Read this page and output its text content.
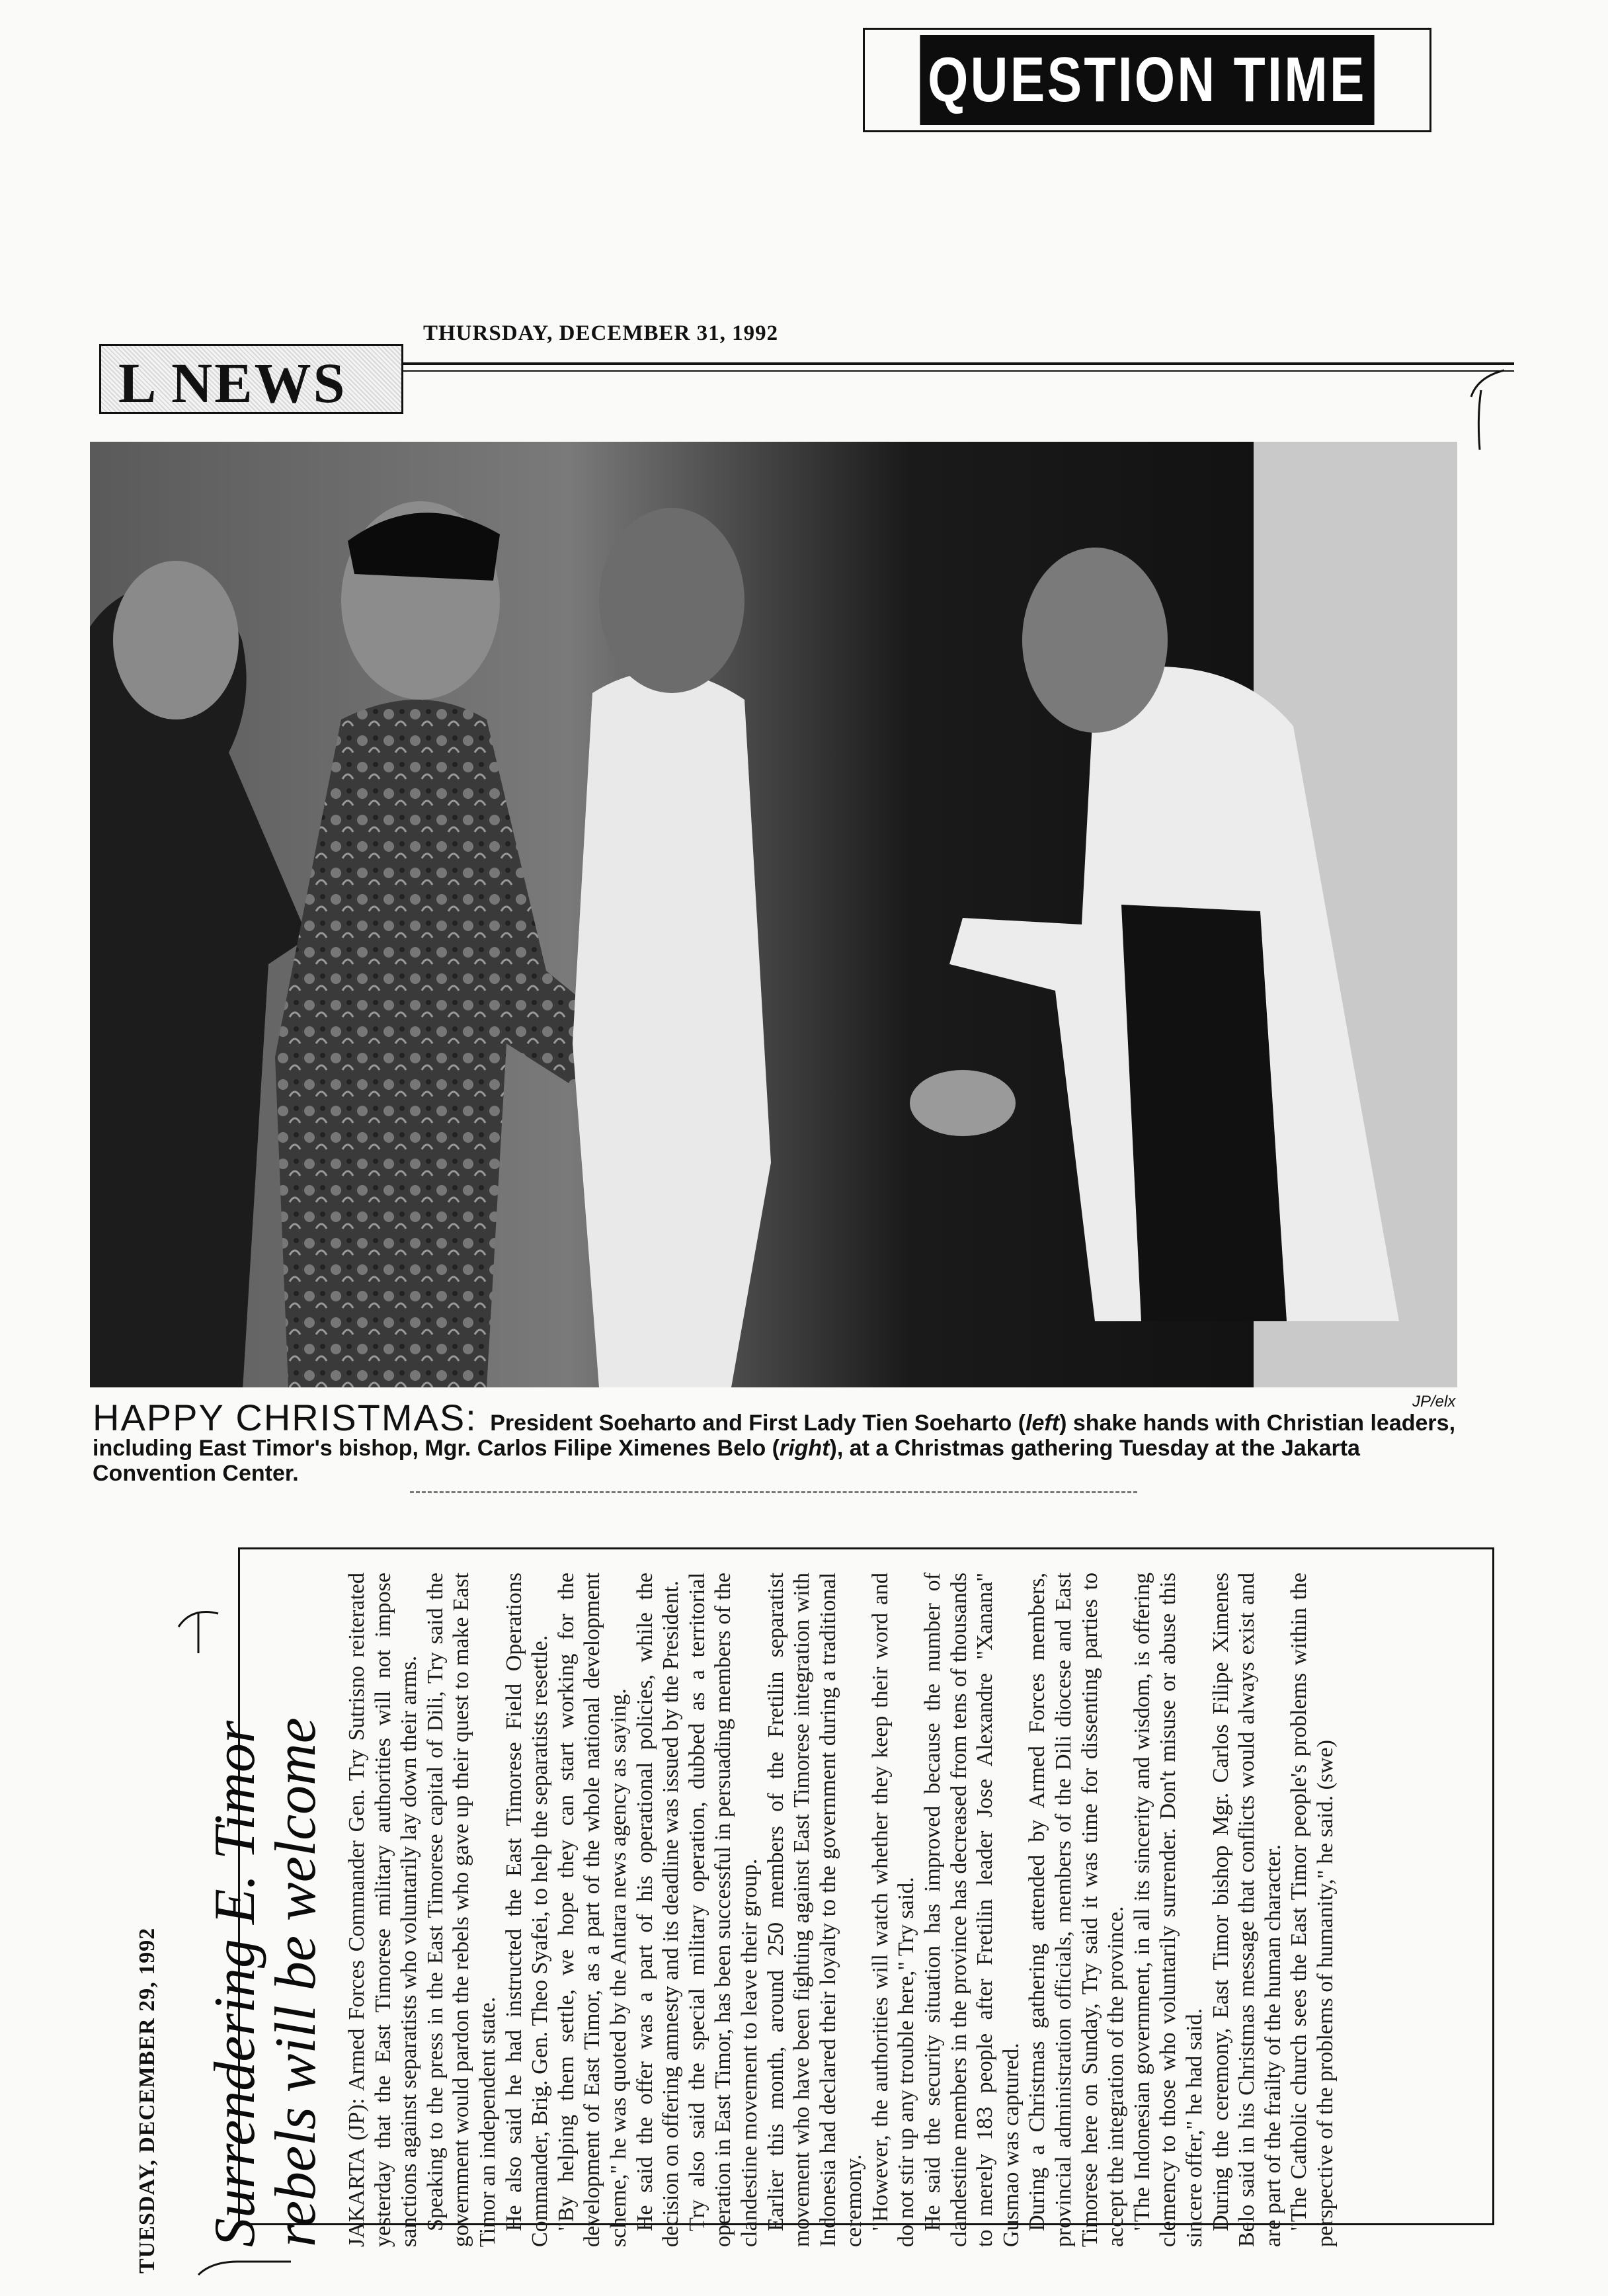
QUESTION TIME
THURSDAY, DECEMBER 31, 1992
L NEWS
JP/elx
HAPPY CHRISTMAS: President Soeharto and First Lady Tien Soeharto (left) shake hands with Christian leaders, including East Timor's bishop, Mgr. Carlos Filipe Ximenes Belo (right), at a Christmas gathering Tuesday at the Jakarta Convention Center.
TUESDAY, DECEMBER 29, 1992 Surrendering E. Timor
rebels will be welcome JAKARTA (JP): Armed Forces Commander Gen. Try Sutrisno reiterated yesterday that the East Timorese military authorities will not impose sanctions against separatists who voluntarily lay down their arms. Speaking to the press in the East Timorese capital of Dili, Try said the government would pardon the rebels who gave up their quest to make East Timor an independent state. He also said he had instructed the East Timorese Field Operations Commander, Brig. Gen. Theo Syafei, to help the separatists resettle. "By helping them settle, we hope they can start working for the development of East Timor, as a part of the whole national development scheme," he was quoted by the Antara news agency as saying. He said the offer was a part of his operational policies, while the decision on offering amnesty and its deadline was issued by the President. Try also said the special military operation, dubbed as a territorial operation in East Timor, has been successful in persuading members of the clandestine movement to leave their group. Earlier this month, around 250 members of the Fretilin separatist movement who have been fighting against East Timorese integration with Indonesia had declared their loyalty to the government during a traditional ceremony. "However, the authorities will watch whether they keep their word and do not stir up any trouble here," Try said. He said the security situation has improved because the number of clandestine members in the province has decreased from tens of thousands to merely 183 people after Fretilin leader Jose Alexandre "Xanana" Gusmao was captured. During a Christmas gathering attended by Armed Forces members, provincial administration officials, members of the Dili diocese and East Timorese here on Sunday, Try said it was time for dissenting parties to accept the integration of the province. "The Indonesian government, in all its sincerity and wisdom, is offering clemency to those who voluntarily surrender. Don't misuse or abuse this sincere offer," he had said. During the ceremony, East Timor bishop Mgr. Carlos Filipe Ximenes Belo said in his Christmas message that conflicts would always exist and are part of the frailty of the human character. "The Catholic church sees the East Timor people's problems within the perspective of the problems of humanity," he said. (swe)
